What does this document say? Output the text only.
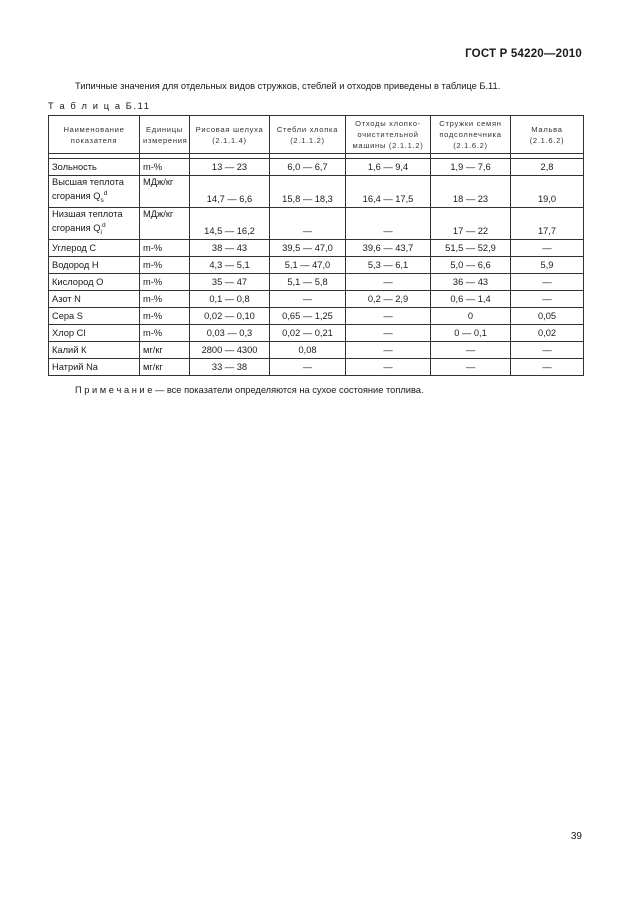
ГОСТ Р 54220—2010
Типичные значения для отдельных видов стружков, стеблей и отходов приведены в таблице Б.11.
Т а б л и ц а Б.11
Наименование показателя	Единицы измерения	Рисовая шелуха (2.1.1.4)	Стебли хлопка (2.1.1.2)	Отходы хлопко-очистительной машины (2.1.1.2)	Стружки семян подсолнечника (2.1.6.2)	Мальва (2.1.6.2)

Зольность	m-%	13 — 23	6,0 — 6,7	1,6 — 9,4	1,9 — 7,6	2,8
Высшая теплота сгорания $Q_s^d$	МДж/кг	14,7 — 6,6	15,8 — 18,3	16,4 — 17,5	18 — 23	19,0
Низшая теплота сгорания $Q_i^d$	МДж/кг	14,5 — 16,2	—	—	17 — 22	17,7
Углерод С	m-%	38 — 43	39,5 — 47,0	39,6 — 43,7	51,5 — 52,9	—
Водород Н	m-%	4,3 — 5,1	5,1 — 47,0	5,3 — 6,1	5,0 — 6,6	5,9
Кислород О	m-%	35 — 47	5,1 — 5,8	—	36 — 43	—
Азот N	m-%	0,1 — 0,8	—	0,2 — 2,9	0,6 — 1,4	—
Сера S	m-%	0,02 — 0,10	0,65 — 1,25	—	0	0,05
Хлор Cl	m-%	0,03 — 0,3	0,02 — 0,21	—	0 — 0,1	0,02
Калий К	мг/кг	2800 — 4300	0,08	—	—	—
Натрий Na	мг/кг	33 — 38	—	—	—	—
П р и м е ч а н и е — все показатели определяются на сухое состояние топлива.
39
